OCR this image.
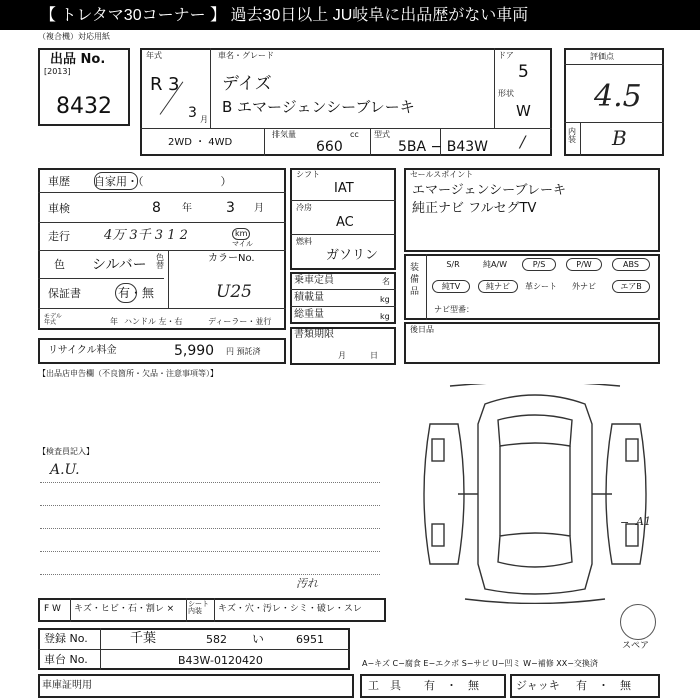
【 トレタマ30コーナー 】 過去30日以上 JU岐阜に出品歴がない車両
（複合機）対応用紙
出品 No.
[2013]
8432
年式
R 3
3 月
車名・グレード
デイズ
B エマージェンシーブレーキ
ドア
5
形状
W
2WD ・ 4WD
排気量	cc
660
型式
5BA − B43W /
評価点
4.5
内装 B
車歴 自家用・（　　　　　　　）
車検	8 年 3 月
走行	4万 3千 3 1 2	km
マイル
色 シルバー 色替
カラーNo.
U25
保証書	有・無
モデル年式	年 ハンドル 左・右	ディーラー・並行
リサイクル料金	5,990 円 預託済
シフト
IAT
冷房
AC
燃料
ガソリン
乗車定員	名
積載量	kg
総重量	kg
書類期限
月　　　日
セールスポイント
エマージェンシーブレーキ
純正ナビ フルセグTV
装備品
S/R	純A/W	P/S	P/W	ABS
純TV	純ナビ	革シート	外ナビ	エアB
ナビ型番：
後日品
【出品店申告欄（不良箇所・欠品・注意事項等）】
【検査員記入】
A.U.
− A1
スペア
汚れ
F W キズ・ヒビ・石・割レ × シート内装	キズ・穴・汚レ・シミ・破レ・スレ
登録 No.	千葉	582 い	6951
車台 No.	B43W-0120420	A−キズ C−腐食 E−エクボ S−サビ U−凹ミ W−補修 XX−交換済
車庫証明用	工　具 有　・　無	ジャッキ 有　・　無
